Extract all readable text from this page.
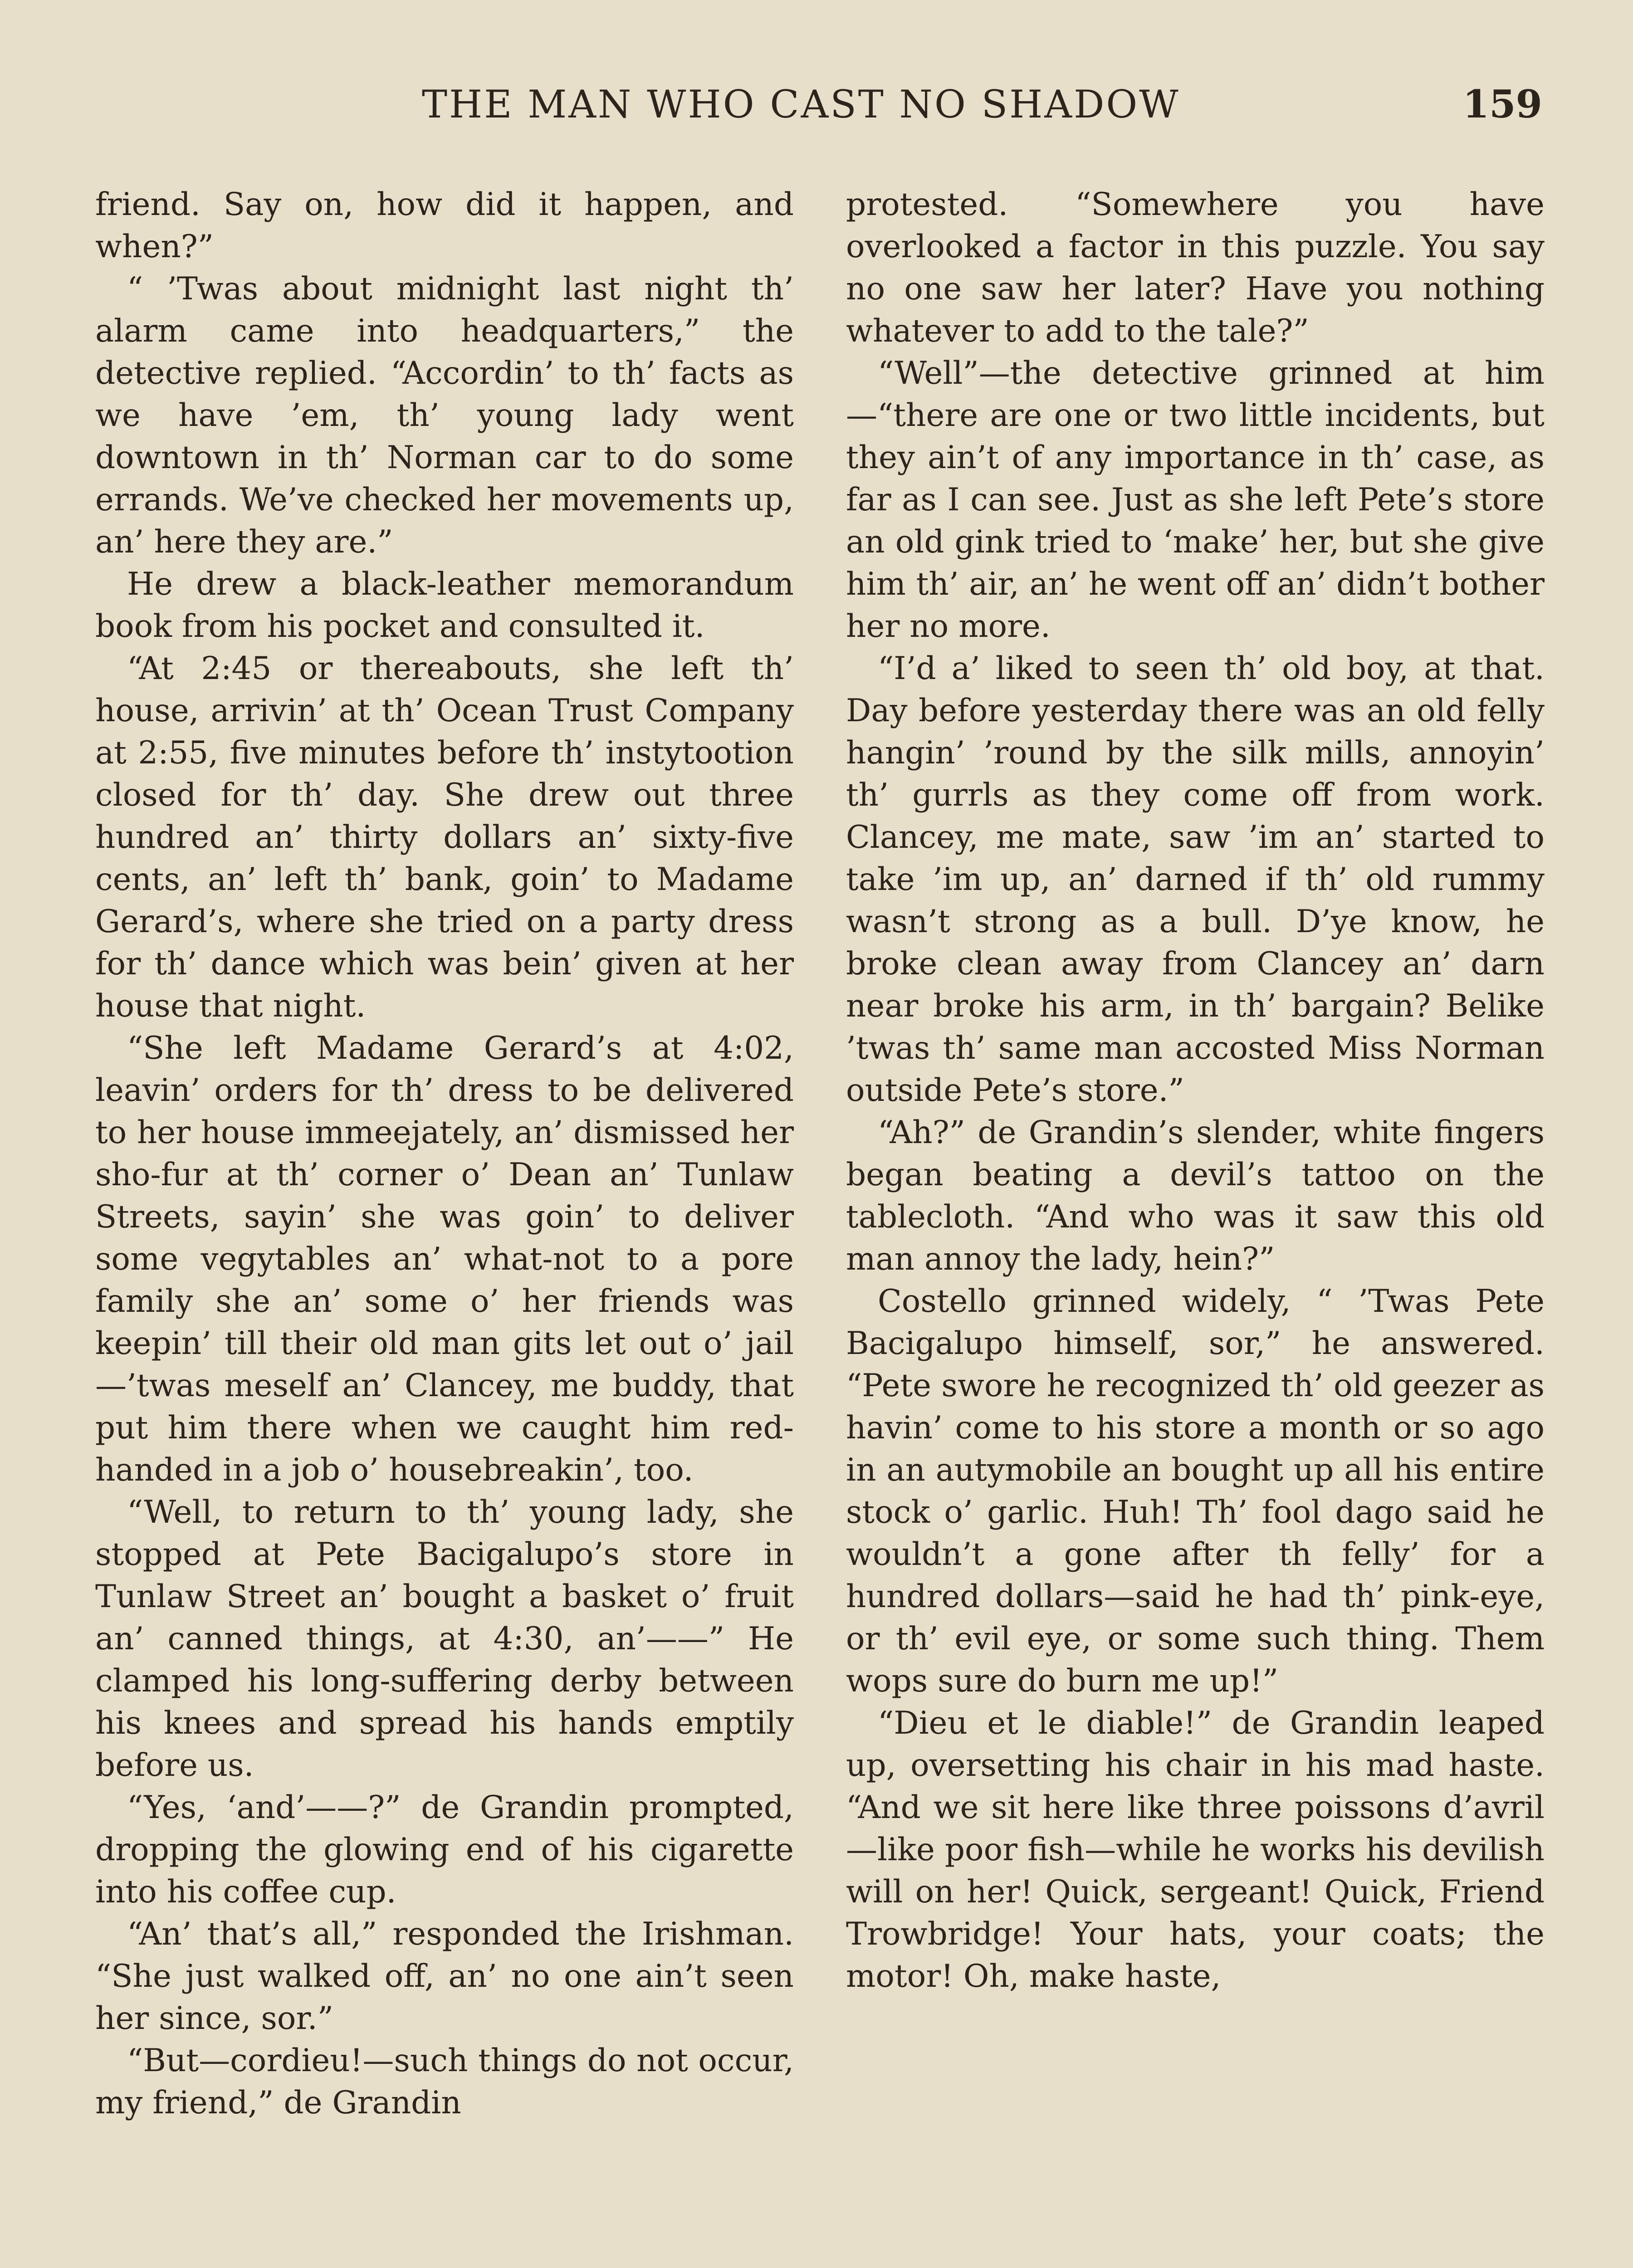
THE MAN WHO CAST NO SHADOW	159

friend. Say on, how did it happen, and when?”

“ ’Twas about midnight last night th’ alarm came into headquarters,” the detective replied. “Accordin’ to th’ facts as we have ’em, th’ young lady went downtown in th’ Norman car to do some errands. We’ve checked her movements up, an’ here they are.”

He drew a black-leather memorandum book from his pocket and consulted it.

“At 2:45 or thereabouts, she left th’ house, arrivin’ at th’ Ocean Trust Company at 2:55, five minutes before th’ instytootion closed for th’ day. She drew out three hundred an’ thirty dollars an’ sixty-five cents, an’ left th’ bank, goin’ to Madame Gerard’s, where she tried on a party dress for th’ dance which was bein’ given at her house that night.

“She left Madame Gerard’s at 4:02, leavin’ orders for th’ dress to be delivered to her house immeejately, an’ dismissed her sho-fur at th’ corner o’ Dean an’ Tunlaw Streets, sayin’ she was goin’ to deliver some vegytables an’ what-not to a pore family she an’ some o’ her friends was keepin’ till their old man gits let out o’ jail—’twas meself an’ Clancey, me buddy, that put him there when we caught him red-handed in a job o’ housebreakin’, too.

“Well, to return to th’ young lady, she stopped at Pete Bacigalupo’s store in Tunlaw Street an’ bought a basket o’ fruit an’ canned things, at 4:30, an’——” He clamped his long-suffering derby between his knees and spread his hands emptily before us.

“Yes, ‘and’——?” de Grandin prompted, dropping the glowing end of his cigarette into his coffee cup.

“An’ that’s all,” responded the Irishman. “She just walked off, an’ no one ain’t seen her since, sor.”

“But—cordieu!—such things do not occur, my friend,” de Grandin

protested. “Somewhere you have overlooked a factor in this puzzle. You say no one saw her later? Have you nothing whatever to add to the tale?”

“Well”—the detective grinned at him—“there are one or two little incidents, but they ain’t of any importance in th’ case, as far as I can see. Just as she left Pete’s store an old gink tried to ‘make’ her, but she give him th’ air, an’ he went off an’ didn’t bother her no more.

“I’d a’ liked to seen th’ old boy, at that. Day before yesterday there was an old felly hangin’ ’round by the silk mills, annoyin’ th’ gurrls as they come off from work. Clancey, me mate, saw ’im an’ started to take ’im up, an’ darned if th’ old rummy wasn’t strong as a bull. D’ye know, he broke clean away from Clancey an’ darn near broke his arm, in th’ bargain? Belike ’twas th’ same man accosted Miss Norman outside Pete’s store.”

“Ah?” de Grandin’s slender, white fingers began beating a devil’s tattoo on the tablecloth. “And who was it saw this old man annoy the lady, hein?”

Costello grinned widely, “ ’Twas Pete Bacigalupo himself, sor,” he answered. “Pete swore he recognized th’ old geezer as havin’ come to his store a month or so ago in an autymobile an bought up all his entire stock o’ garlic. Huh! Th’ fool dago said he wouldn’t a gone after th felly’ for a hundred dollars—said he had th’ pink-eye, or th’ evil eye, or some such thing. Them wops sure do burn me up!”

“Dieu et le diable!” de Grandin leaped up, oversetting his chair in his mad haste. “And we sit here like three poissons d’avril—like poor fish—while he works his devilish will on her! Quick, sergeant! Quick, Friend Trowbridge! Your hats, your coats; the motor! Oh, make haste,
